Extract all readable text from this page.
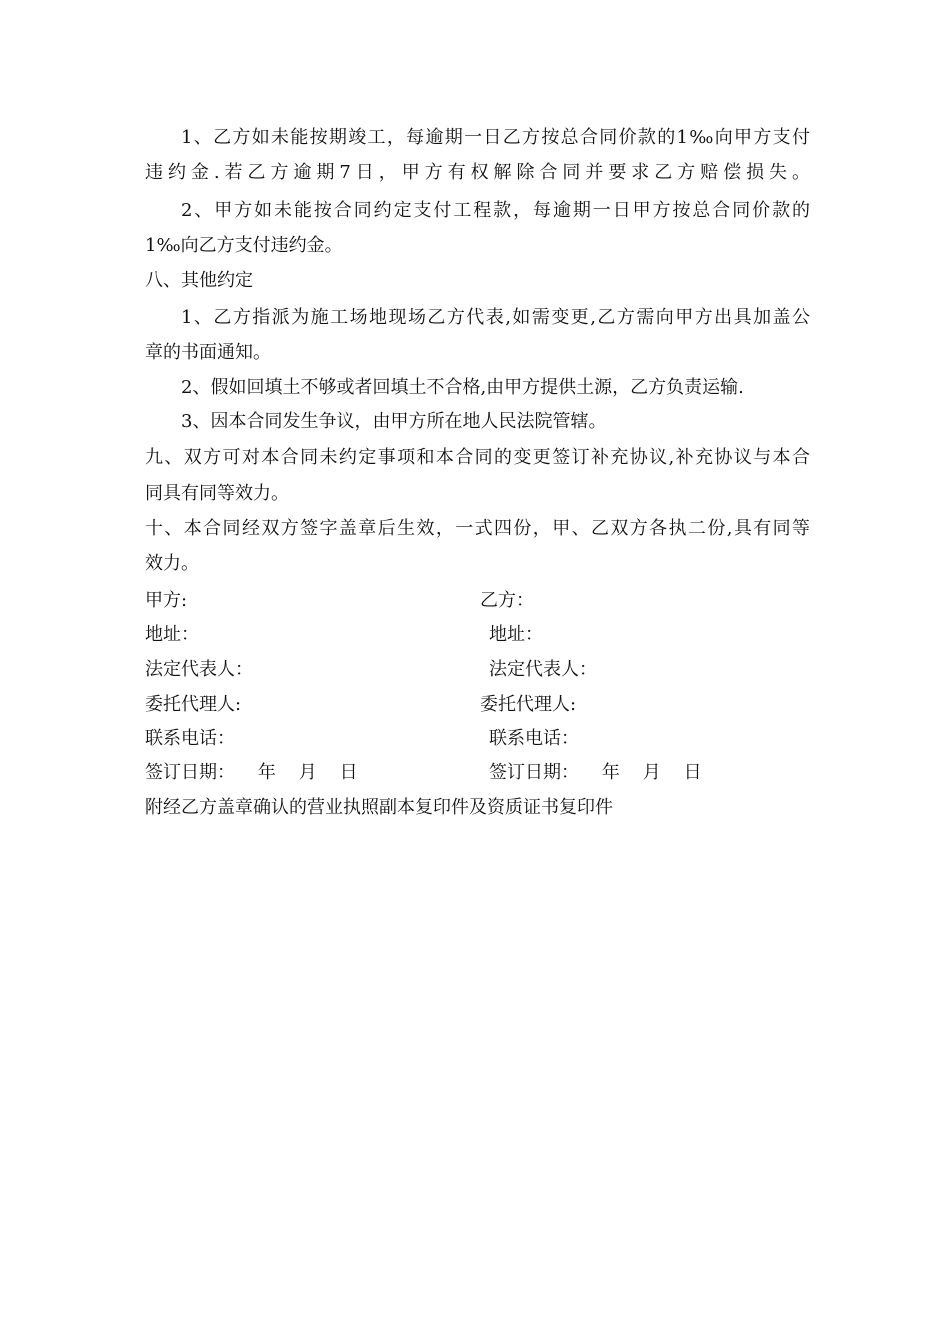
1、乙方如未能按期竣工，每逾期一日乙方按总合同价款的1‰向甲方支付
违约金.若乙方逾期7日，甲方有权解除合同并要求乙方赔偿损失。
2、甲方如未能按合同约定支付工程款，每逾期一日甲方按总合同价款的
1‰向乙方支付违约金。
八、其他约定
1、乙方指派为施工场地现场乙方代表,如需变更,乙方需向甲方出具加盖公
章的书面通知。
2、假如回填土不够或者回填土不合格,由甲方提供土源，乙方负责运输.
3、因本合同发生争议，由甲方所在地人民法院管辖。
九、双方可对本合同未约定事项和本合同的变更签订补充协议,补充协议与本合
同具有同等效力。
十、本合同经双方签字盖章后生效，一式四份，甲、乙双方各执二份,具有同等
效力。
甲方:
地址：
法定代表人：
委托代理人:
联系电话：
签订日期：    年    月    日
乙方：
地址：
法定代表人：
委托代理人:
联系电话：
签订日期：    年    月    日
附经乙方盖章确认的营业执照副本复印件及资质证书复印件
